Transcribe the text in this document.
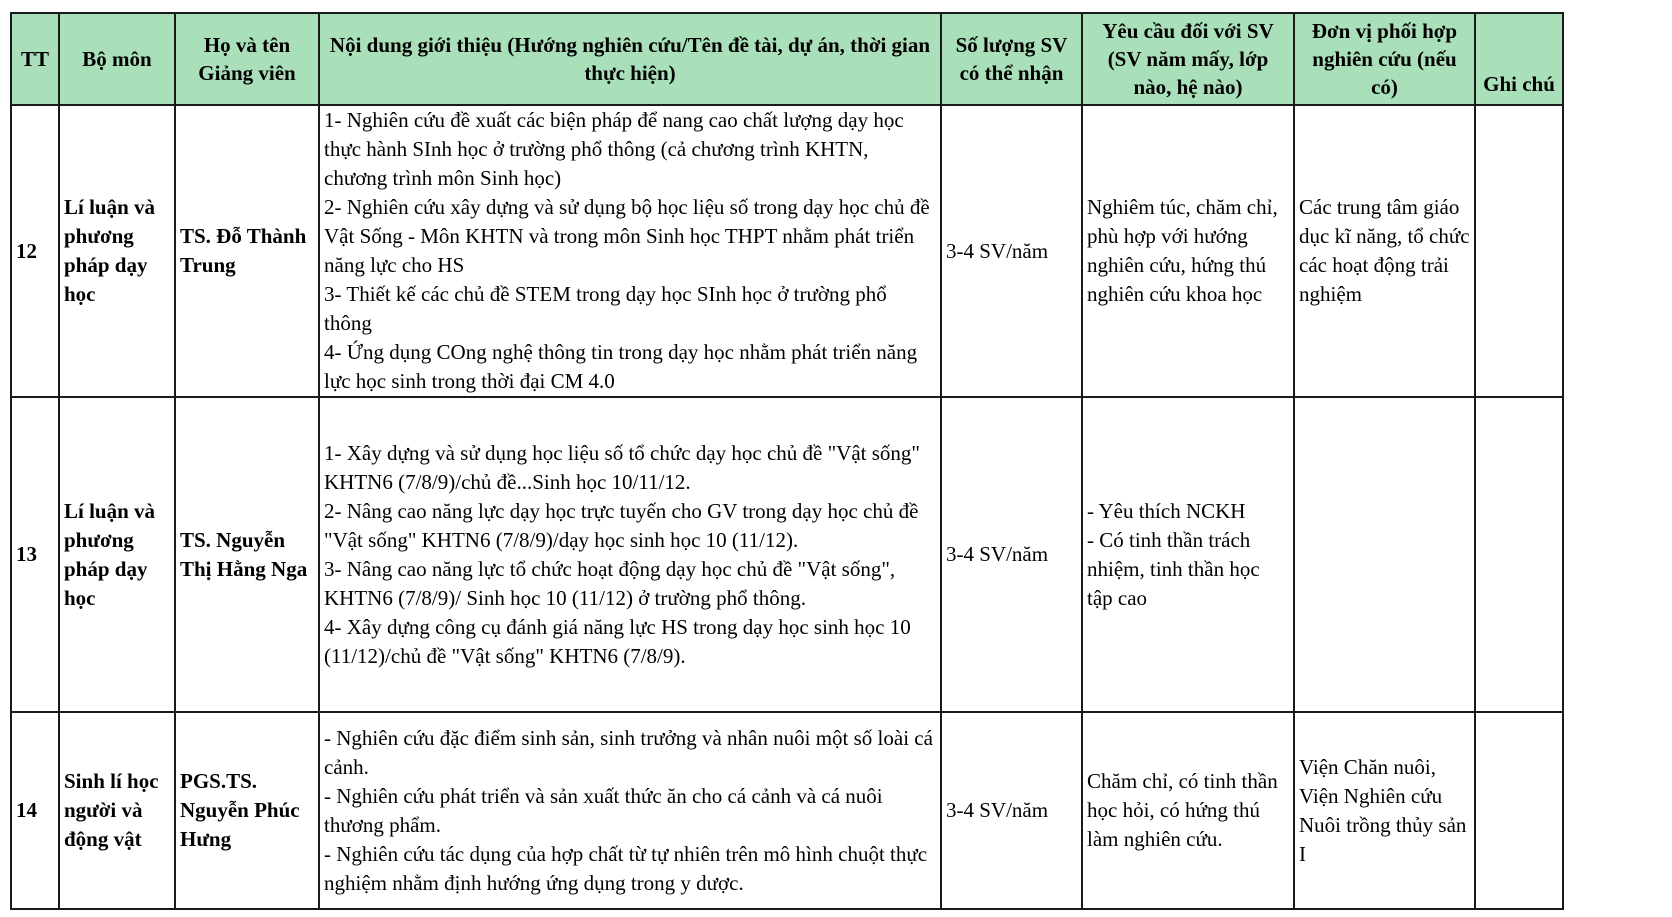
TT	Bộ môn	Họ và tên Giảng viên	Nội dung giới thiệu (Hướng nghiên cứu/Tên đề tài, dự án, thời gian thực hiện)	Số lượng SV có thể nhận	Yêu cầu đối với SV (SV năm mấy, lớp nào, hệ nào)	Đơn vị phối hợp nghiên cứu (nếu có)	Ghi chú
12	Lí luận và phương pháp dạy học	TS. Đỗ Thành Trung	1- Nghiên cứu đề xuất các biện pháp để nang cao chất lượng dạy học thực hành SInh học ở trường phổ thông (cả chương trình KHTN, chương trình môn Sinh học)
2- Nghiên cứu xây dựng và sử dụng bộ học liệu số trong dạy học chủ đề Vật Sống - Môn KHTN và trong môn Sinh học THPT nhằm phát triển năng lực cho HS
3- Thiết kế các chủ đề STEM trong dạy học SInh học ở trường phổ thông
4- Ứng dụng COng nghệ thông tin trong dạy học nhằm phát triển năng lực học sinh trong thời đại CM 4.0	3-4 SV/năm	Nghiêm túc, chăm chỉ, phù hợp với hướng nghiên cứu, hứng thú nghiên cứu khoa học	Các trung tâm giáo dục kĩ năng, tổ chức các hoạt động trải nghiệm	
13	Lí luận và phương pháp dạy học	TS. Nguyễn Thị Hằng Nga	1- Xây dựng và sử dụng học liệu số tổ chức dạy học chủ đề "Vật sống" KHTN6 (7/8/9)/chủ đề...Sinh học 10/11/12.
2- Nâng cao năng lực dạy học trực tuyến cho GV trong dạy học chủ đề "Vật sống" KHTN6 (7/8/9)/dạy học sinh học 10 (11/12).
3- Nâng cao năng lực tổ chức hoạt động dạy học chủ đề "Vật sống", KHTN6 (7/8/9)/ Sinh học 10 (11/12) ở trường phổ thông.
4- Xây dựng công cụ đánh giá năng lực HS trong dạy học sinh học 10 (11/12)/chủ đề "Vật sống" KHTN6 (7/8/9).	3-4 SV/năm	- Yêu thích NCKH
- Có tinh thần trách nhiệm, tinh thần học tập cao		

14	Sinh lí học người và động vật	PGS.TS. Nguyễn Phúc Hưng	- Nghiên cứu đặc điểm sinh sản, sinh trưởng và nhân nuôi một số loài cá cảnh.
- Nghiên cứu phát triển và sản xuất thức ăn cho cá cảnh và cá nuôi thương phẩm.
- Nghiên cứu tác dụng của hợp chất từ tự nhiên trên mô hình chuột thực nghiệm nhằm định hướng ứng dụng trong y dược.	3-4 SV/năm	Chăm chỉ, có tinh thần học hỏi, có hứng thú làm nghiên cứu.	Viện Chăn nuôi, Viện Nghiên cứu Nuôi trồng thủy sản I	
